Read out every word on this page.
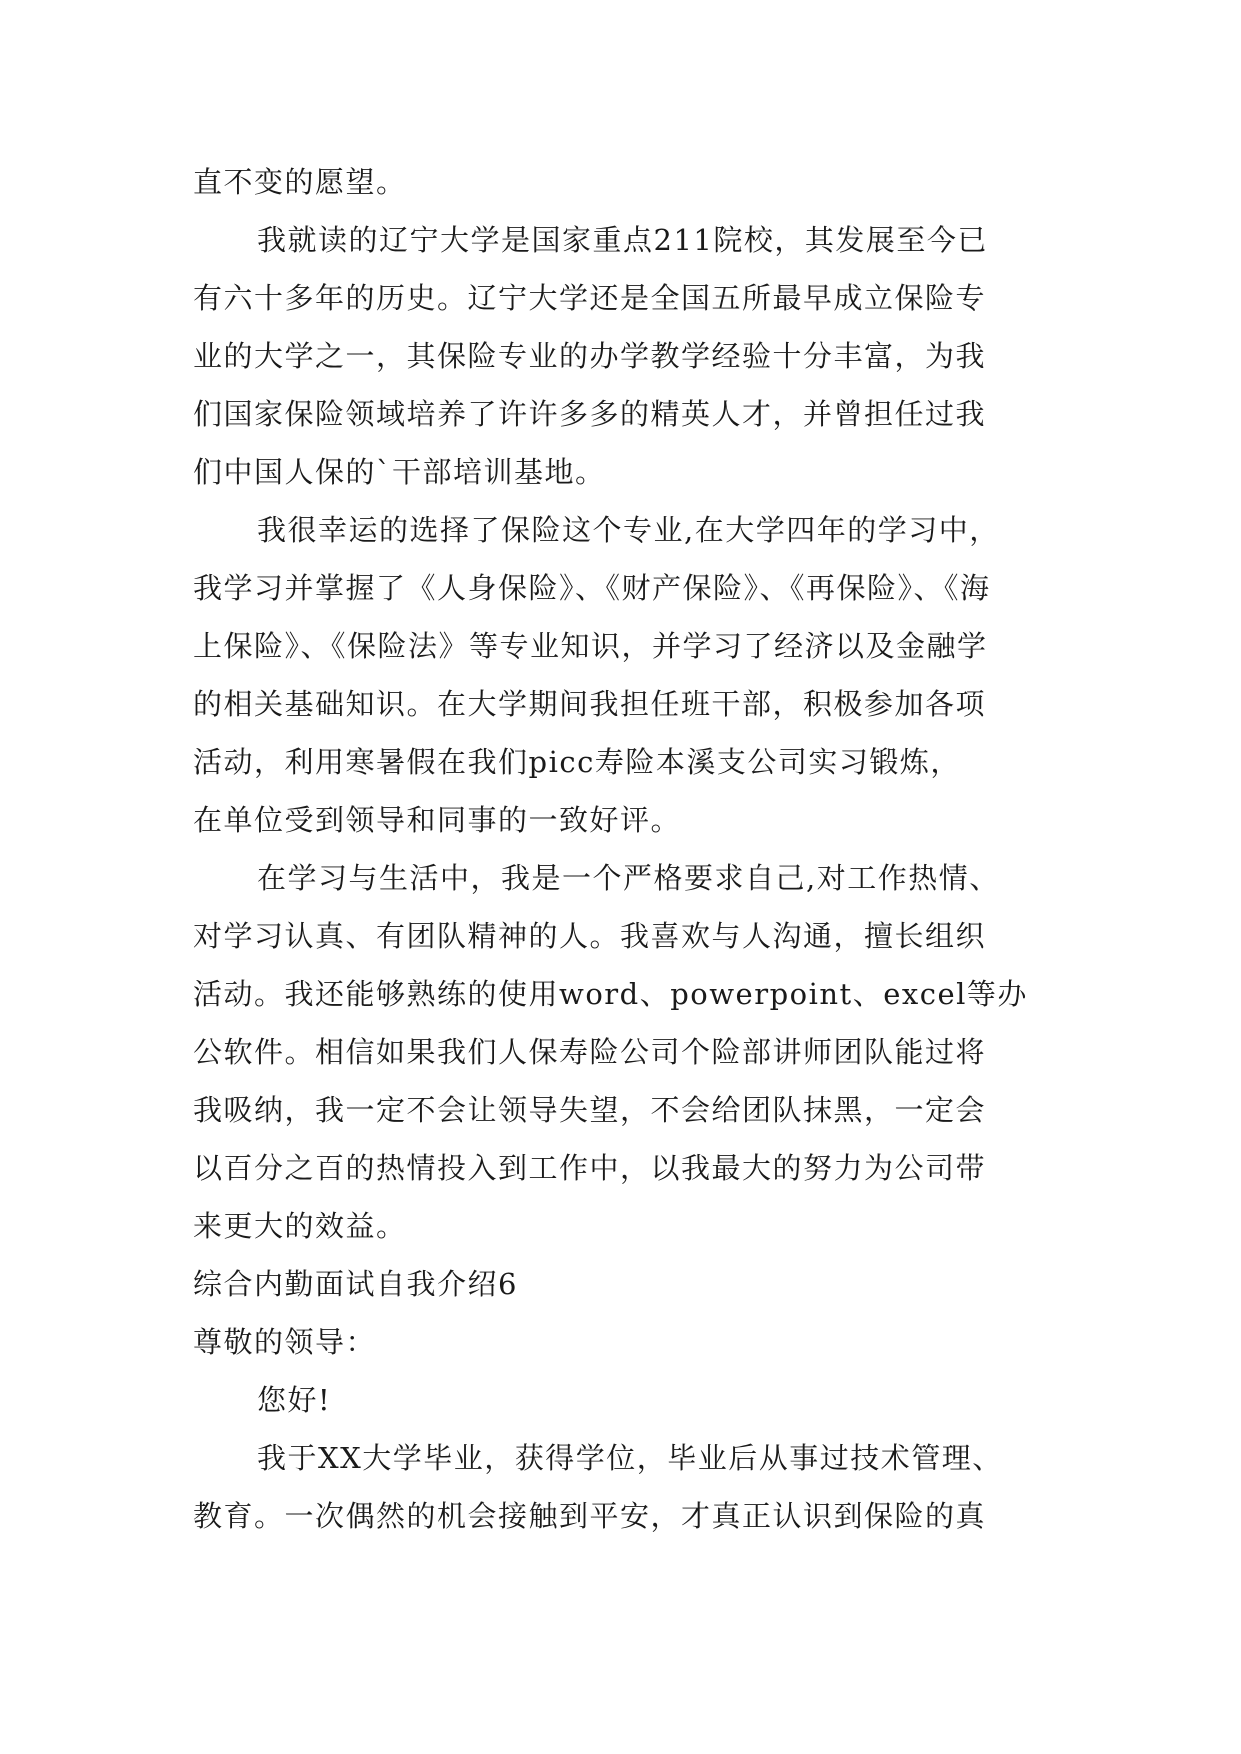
直不变的愿望。
我就读的辽宁大学是国家重点211院校，其发展至今已
有六十多年的历史。辽宁大学还是全国五所最早成立保险专
业的大学之一，其保险专业的办学教学经验十分丰富，为我
们国家保险领域培养了许许多多的精英人才，并曾担任过我
们中国人保的`干部培训基地。
我很幸运的选择了保险这个专业,在大学四年的学习中，
我学习并掌握了《人身保险》、《财产保险》、《再保险》、《海
上保险》、《保险法》等专业知识，并学习了经济以及金融学
的相关基础知识。在大学期间我担任班干部，积极参加各项
活动，利用寒暑假在我们picc寿险本溪支公司实习锻炼，
在单位受到领导和同事的一致好评。
在学习与生活中，我是一个严格要求自己,对工作热情、
对学习认真、有团队精神的人。我喜欢与人沟通，擅长组织
活动。我还能够熟练的使用word、powerpoint、excel等办
公软件。相信如果我们人保寿险公司个险部讲师团队能过将
我吸纳，我一定不会让领导失望，不会给团队抹黑，一定会
以百分之百的热情投入到工作中，以我最大的努力为公司带
来更大的效益。
综合内勤面试自我介绍6
尊敬的领导：
您好!
我于XX大学毕业，获得学位，毕业后从事过技术管理、
教育。一次偶然的机会接触到平安，才真正认识到保险的真
